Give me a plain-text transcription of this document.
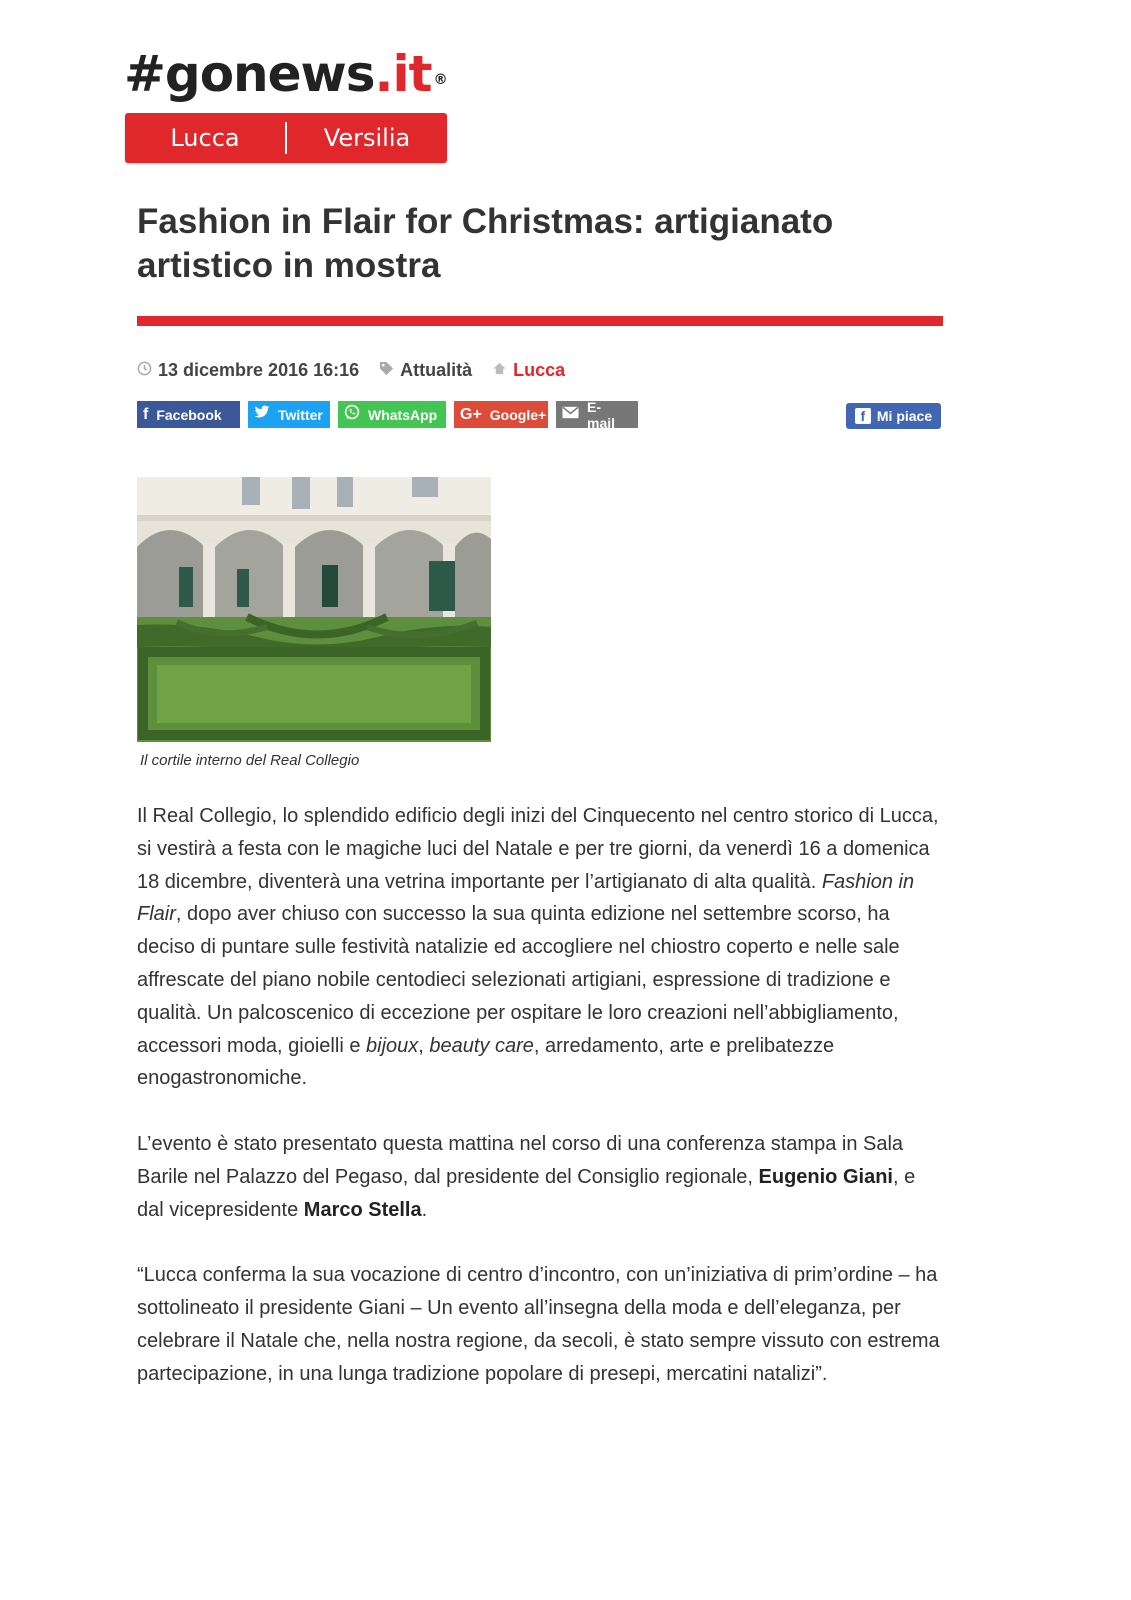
#gonews.it ®
Lucca	Versilia
Fashion in Flair for Christmas: artigianato artistico in mostra
13 dicembre 2016 16:16 Attualità Lucca
f Facebook	Twitter	WhatsApp G+ Google+	E-mail	f Mi piace
Il cortile interno del Real Collegio

Il Real Collegio, lo splendido edificio degli inizi del Cinquecento nel centro storico di Lucca, si vestirà a festa con le magiche luci del Natale e per tre giorni, da venerdì 16 a domenica 18 dicembre, diventerà una vetrina importante per l’artigianato di alta qualità. Fashion in Flair, dopo aver chiuso con successo la sua quinta edizione nel settembre scorso, ha deciso di puntare sulle festività natalizie ed accogliere nel chiostro coperto e nelle sale affrescate del piano nobile centodieci selezionati artigiani, espressione di tradizione e qualità. Un palcoscenico di eccezione per ospitare le loro creazioni nell’abbigliamento, accessori moda, gioielli e bijoux, beauty care, arredamento, arte e prelibatezze enogastronomiche.

L’evento è stato presentato questa mattina nel corso di una conferenza stampa in Sala Barile nel Palazzo del Pegaso, dal presidente del Consiglio regionale, Eugenio Giani, e dal vicepresidente Marco Stella.

“Lucca conferma la sua vocazione di centro d’incontro, con un’iniziativa di prim’ordine – ha sottolineato il presidente Giani – Un evento all’insegna della moda e dell’eleganza, per celebrare il Natale che, nella nostra regione, da secoli, è stato sempre vissuto con estrema partecipazione, in una lunga tradizione popolare di presepi, mercatini natalizi”.
